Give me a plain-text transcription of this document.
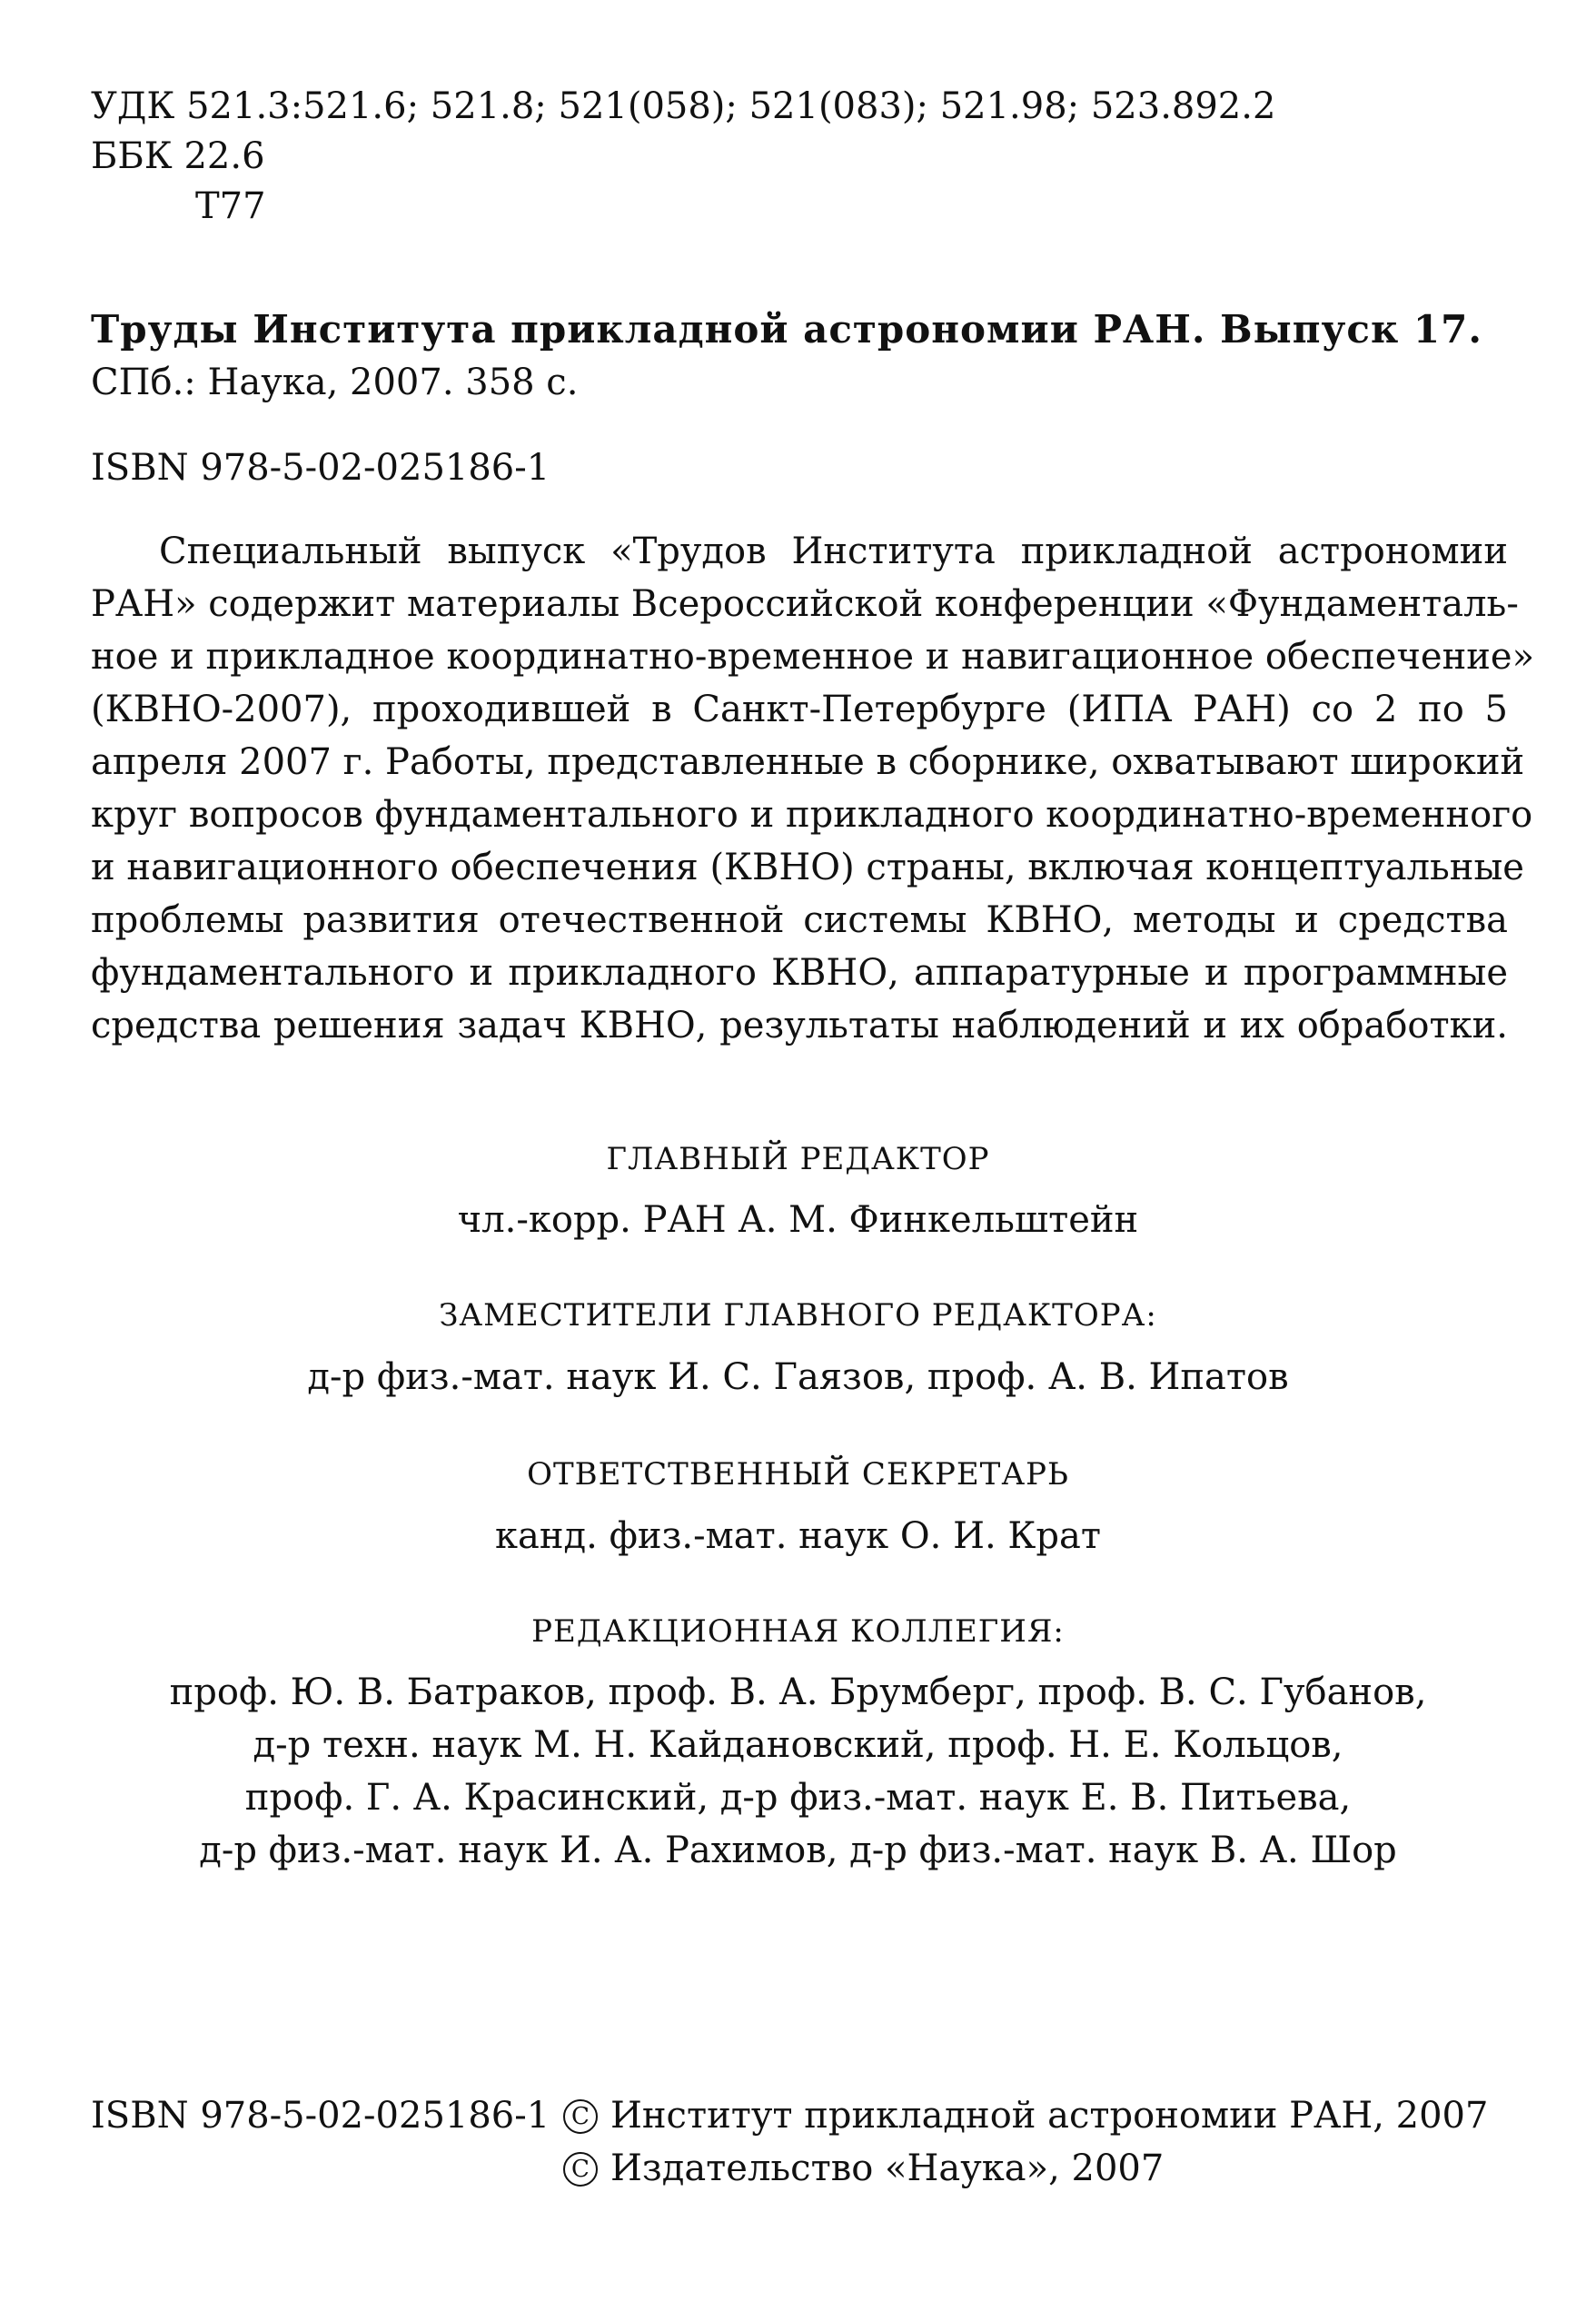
УДК 521.3:521.6; 521.8; 521(058); 521(083); 521.98; 523.892.2
ББК 22.6
Т77
Труды Института прикладной астрономии РАН. Выпуск 17.
СПб.: Наука, 2007. 358 с.
ISBN 978-5-02-025186-1
Специальный выпуск «Трудов Института прикладной астрономии
РАН» содержит материалы Всероссийской конференции «Фундаменталь-
ное и прикладное координатно-временное и навигационное обеспечение»
(КВНО-2007), проходившей в Санкт-Петербурге (ИПА РАН) со 2 по 5
апреля 2007 г. Работы, представленные в сборнике, охватывают широкий
круг вопросов фундаментального и прикладного координатно-временного
и навигационного обеспечения (КВНО) страны, включая концептуальные
проблемы развития отечественной системы КВНО, методы и средства
фундаментального и прикладного КВНО, аппаратурные и программные
средства решения задач КВНО, результаты наблюдений и их обработки.
ГЛАВНЫЙ РЕДАКТОР
чл.-корр. РАН А. М. Финкельштейн
ЗАМЕСТИТЕЛИ ГЛАВНОГО РЕДАКТОРА:
д-р физ.-мат. наук И. С. Гаязов, проф. А. В. Ипатов
ОТВЕТСТВЕННЫЙ СЕКРЕТАРЬ
канд. физ.-мат. наук О. И. Крат
РЕДАКЦИОННАЯ КОЛЛЕГИЯ:
проф. Ю. В. Батраков, проф. В. А. Брумберг, проф. В. С. Губанов,
д-р техн. наук М. Н. Кайдановский, проф. Н. Е. Кольцов,
проф. Г. А. Красинский, д-р физ.-мат. наук Е. В. Питьева,
д-р физ.-мат. наук И. А. Рахимов, д-р физ.-мат. наук В. А. Шор
ISBN 978-5-02-025186-1 C Институт прикладной астрономии РАН, 2007
C Издательство «Наука», 2007
